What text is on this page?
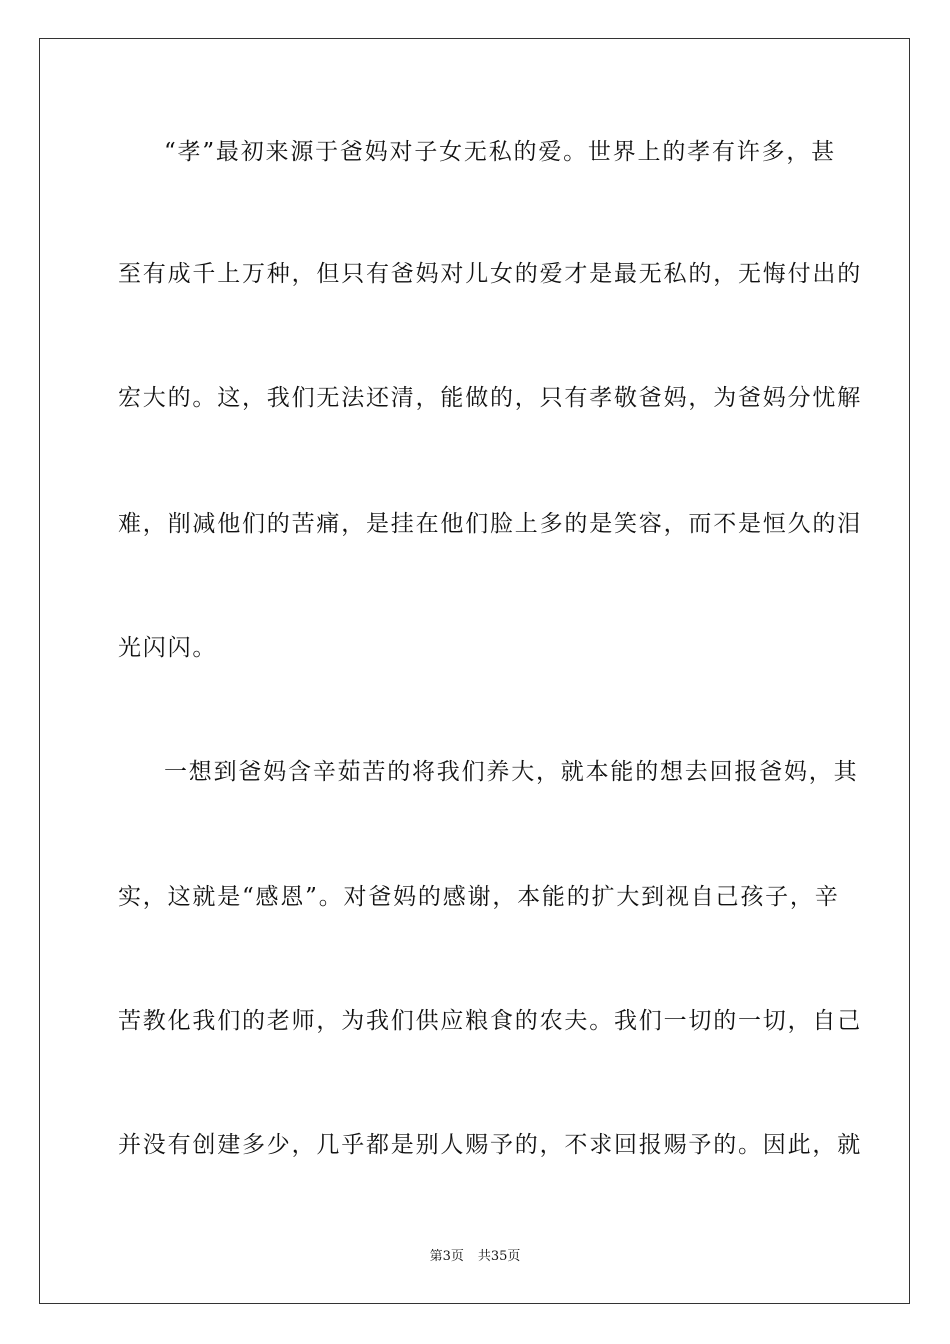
“孝”最初来源于爸妈对子女无私的爱。世界上的孝有许多，甚
至有成千上万种，但只有爸妈对儿女的爱才是最无私的，无悔付出的
宏大的。这，我们无法还清，能做的，只有孝敬爸妈，为爸妈分忧解
难，削减他们的苦痛，是挂在他们脸上多的是笑容，而不是恒久的泪
光闪闪。
一想到爸妈含辛茹苦的将我们养大，就本能的想去回报爸妈，其
实，这就是“感恩”。对爸妈的感谢，本能的扩大到视自己孩子，辛
苦教化我们的老师，为我们供应粮食的农夫。我们一切的一切，自己
并没有创建多少，几乎都是别人赐予的，不求回报赐予的。因此，就
第3页 共35页
